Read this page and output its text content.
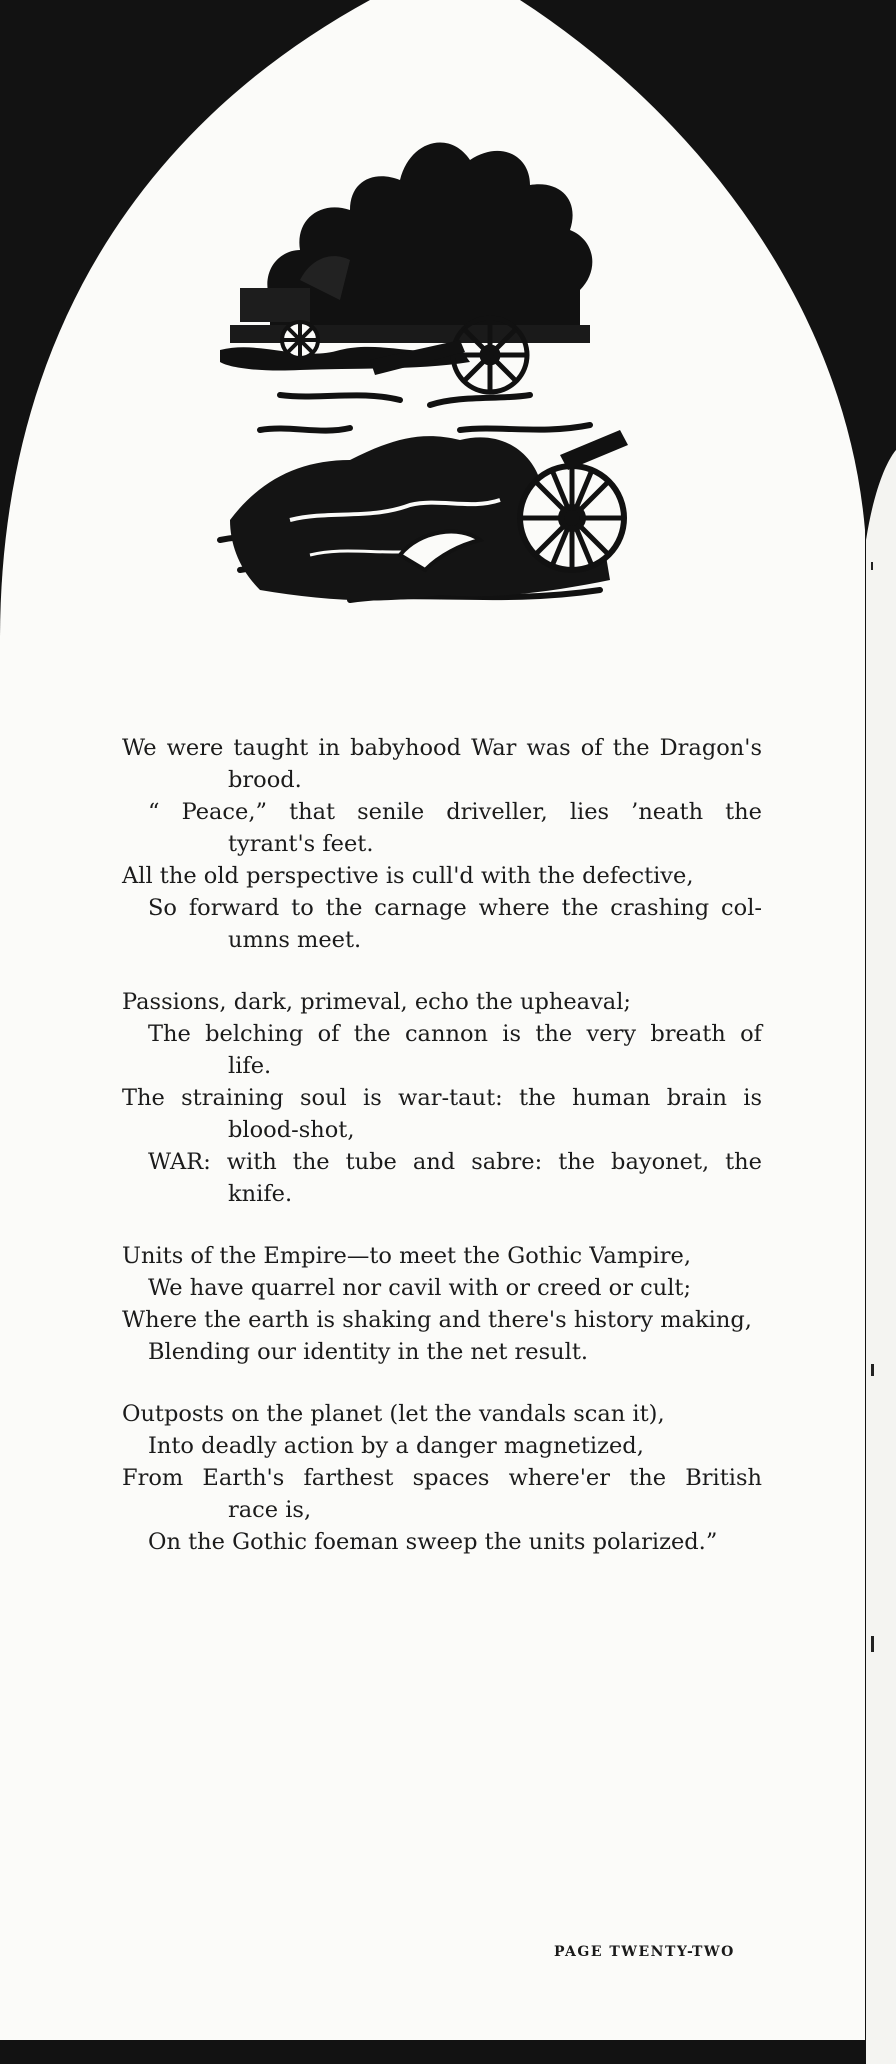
We were taught in babyhood War was of the Dragon's
brood.
“ Peace,” that senile driveller, lies ’neath the
tyrant's feet.
All the old perspective is cull'd with the defective,
So forward to the carnage where the crashing col-
umns meet.
Passions, dark, primeval, echo the upheaval;
The belching of the cannon is the very breath of
life.
The straining soul is war-taut: the human brain is
blood-shot,
WAR: with the tube and sabre: the bayonet, the
knife.
Units of the Empire—to meet the Gothic Vampire,
We have quarrel nor cavil with or creed or cult;
Where the earth is shaking and there's history making,
Blending our identity in the net result.
Outposts on the planet (let the vandals scan it),
Into deadly action by a danger magnetized,
From Earth's farthest spaces where'er the British
race is,
On the Gothic foeman sweep the units polarized.”
PAGE TWENTY-TWO
